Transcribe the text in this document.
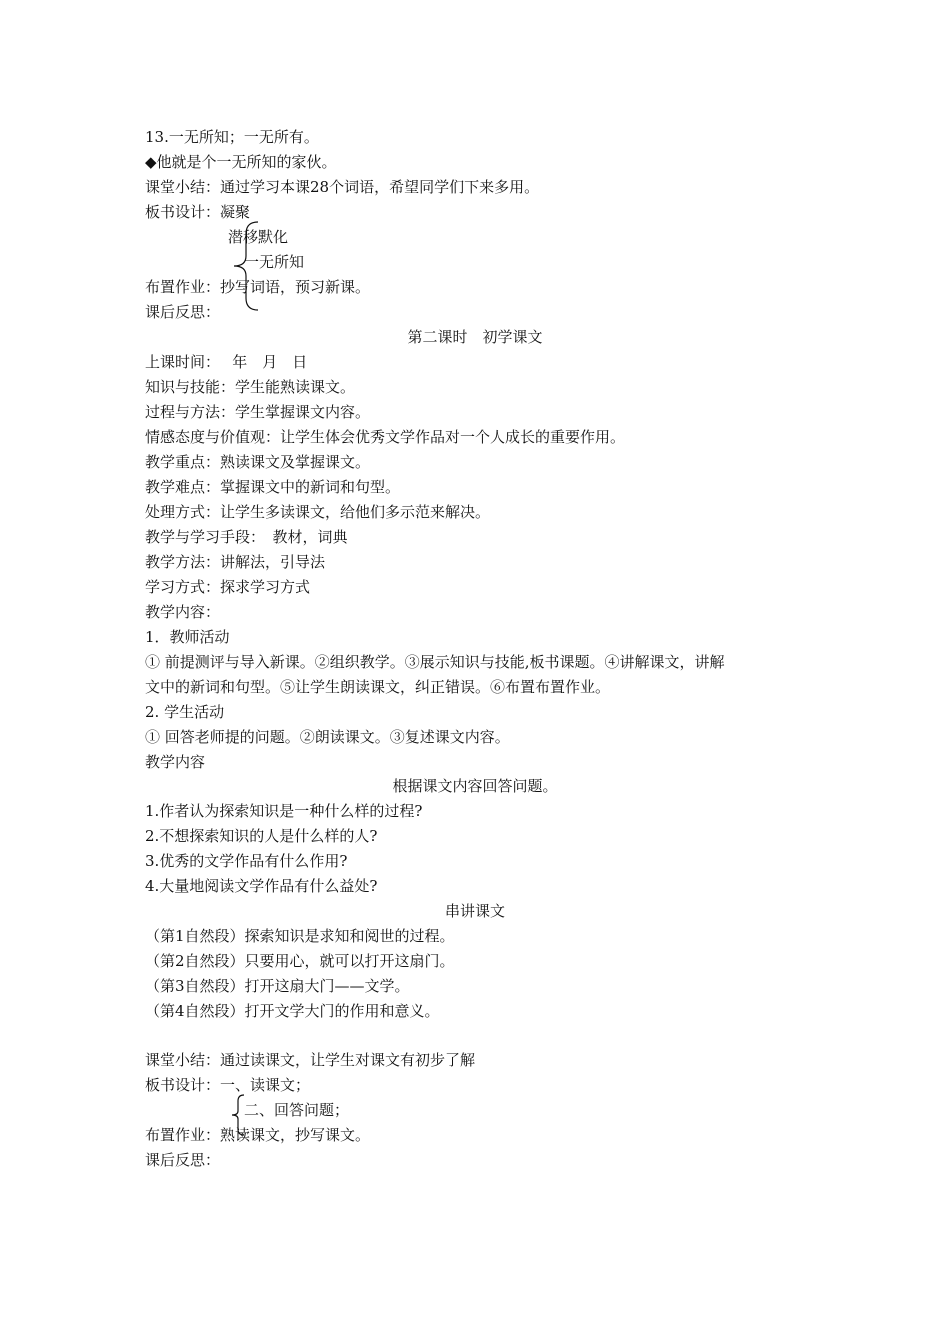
13.一无所知；一无所有。
◆他就是个一无所知的家伙。
课堂小结：通过学习本课28个词语，希望同学们下来多用。
板书设计：凝聚
潜移默化
一无所知
布置作业：抄写词语，预习新课。
课后反思：
第二课时　初学课文
上课时间：　 年　月　日
知识与技能：学生能熟读课文。
过程与方法：学生掌握课文内容。
情感态度与价值观：让学生体会优秀文学作品对一个人成长的重要作用。
教学重点：熟读课文及掌握课文。
教学难点：掌握课文中的新词和句型。
处理方式：让学生多读课文，给他们多示范来解决。
教学与学习手段：　教材，词典
教学方法：讲解法，引导法
学习方式：探求学习方式
教学内容：
1．教师活动
① 前提测评与导入新课。②组织教学。③展示知识与技能,板书课题。④讲解课文，讲解
文中的新词和句型。⑤让学生朗读课文，纠正错误。⑥布置布置作业。
2. 学生活动
① 回答老师提的问题。②朗读课文。③复述课文内容。
教学内容
根据课文内容回答问题。
1.作者认为探索知识是一种什么样的过程?
2.不想探索知识的人是什么样的人?
3.优秀的文学作品有什么作用?
4.大量地阅读文学作品有什么益处?
串讲课文
（第1自然段）探索知识是求知和阅世的过程。
（第2自然段）只要用心，就可以打开这扇门。
（第3自然段）打开这扇大门——文学。
（第4自然段）打开文学大门的作用和意义。
课堂小结：通过读课文，让学生对课文有初步了解
板书设计：一、读课文；
二、回答问题；
布置作业：熟读课文，抄写课文。
课后反思：
